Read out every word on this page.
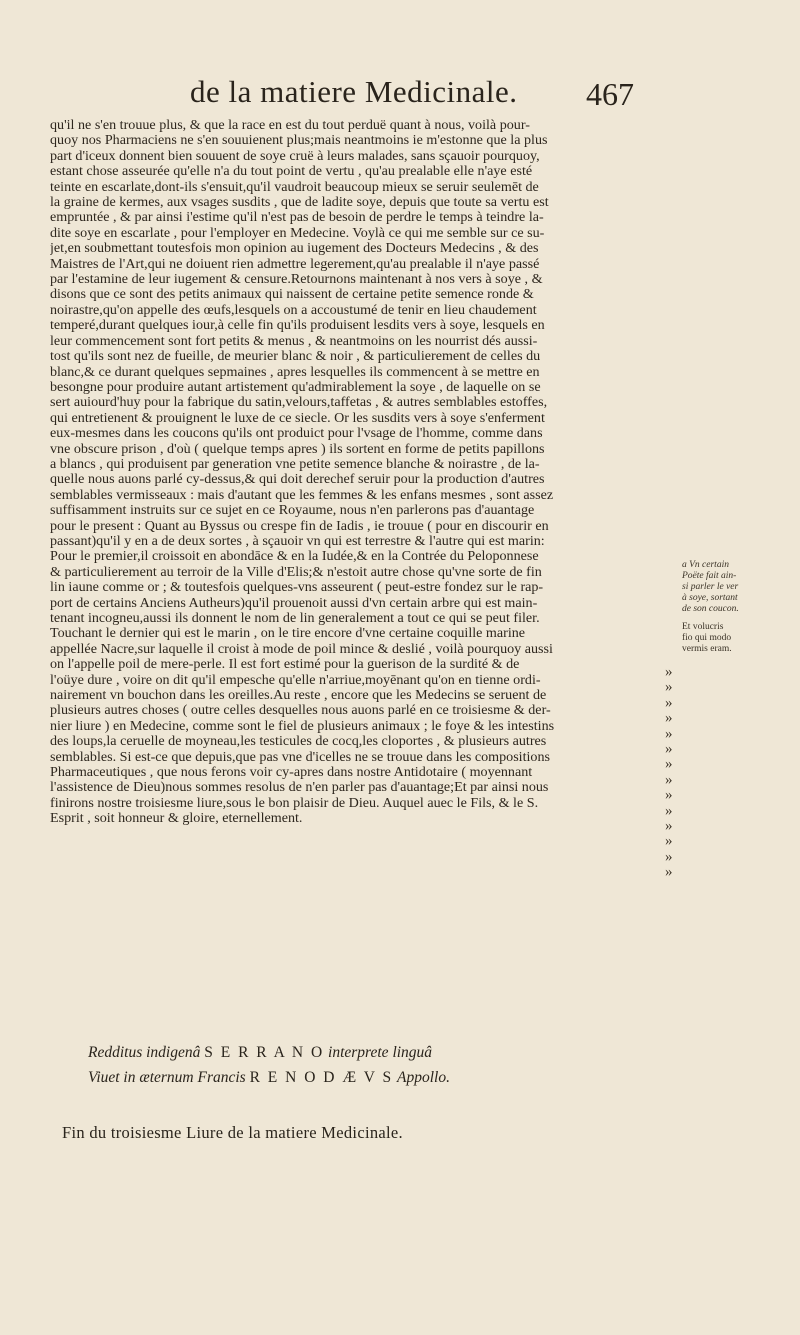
de la matiere Medicinale. 467
qu'il ne s'en trouue plus, & que la race en est du tout perduë quant à nous, voilà pour-
quoy nos Pharmaciens ne s'en souuienent plus;mais neantmoins ie m'estonne que la plus
part d'iceux donnent bien souuent de soye cruë à leurs malades, sans sçauoir pourquoy,
estant chose asseurée qu'elle n'a du tout point de vertu , qu'au prealable elle n'aye esté
teinte en escarlate,dont-ils s'ensuit,qu'il vaudroit beaucoup mieux se seruir seulemēt de
la graine de kermes, aux vsages susdits , que de ladite soye, depuis que toute sa vertu est
empruntée , & par ainsi i'estime qu'il n'est pas de besoin de perdre le temps à teindre la-
dite soye en escarlate , pour l'employer en Medecine. Voylà ce qui me semble sur ce su-
jet,en soubmettant toutesfois mon opinion au iugement des Docteurs Medecins , & des
Maistres de l'Art,qui ne doiuent rien admettre legerement,qu'au prealable il n'aye passé
par l'estamine de leur iugement & censure.Retournons maintenant à nos vers à soye , &
disons que ce sont des petits animaux qui naissent de certaine petite semence ronde &
noirastre,qu'on appelle des œufs,lesquels on a accoustumé de tenir en lieu chaudement
temperé,durant quelques iour,à celle fin qu'ils produisent lesdits vers à soye, lesquels en
leur commencement sont fort petits & menus , & neantmoins on les nourrist dés aussi-
tost qu'ils sont nez de fueille, de meurier blanc & noir , & particulierement de celles du
blanc,& ce durant quelques sepmaines , apres lesquelles ils commencent à se mettre en
besongne pour produire autant artistement qu'admirablement la soye , de laquelle on se
sert auiourd'huy pour la fabrique du satin,velours,taffetas , & autres semblables estoffes,
qui entretienent & prouignent le luxe de ce siecle. Or les susdits vers à soye s'enferment
eux-mesmes dans les coucons qu'ils ont produict pour l'vsage de l'homme, comme dans
vne obscure prison , d'où ( quelque temps apres ) ils sortent en forme de petits papillons
a blancs , qui produisent par generation vne petite semence blanche & noirastre , de la-
quelle nous auons parlé cy-dessus,& qui doit derechef seruir pour la production d'autres
semblables vermisseaux : mais d'autant que les femmes & les enfans mesmes , sont assez
suffisamment instruits sur ce sujet en ce Royaume, nous n'en parlerons pas d'auantage
pour le present : Quant au Byssus ou crespe fin de Iadis , ie trouue ( pour en discourir en
passant)qu'il y en a de deux sortes , à sçauoir vn qui est terrestre & l'autre qui est marin:
Pour le premier,il croissoit en abondāce & en la Iudée,& en la Contrée du Peloponnese
& particulierement au terroir de la Ville d'Elis;& n'estoit autre chose qu'vne sorte de fin
lin iaune comme or ; & toutesfois quelques-vns asseurent ( peut-estre fondez sur le rap-
port de certains Anciens Autheurs)qu'il prouenoit aussi d'vn certain arbre qui est main-
tenant incogneu,aussi ils donnent le nom de lin generalement a tout ce qui se peut filer.
Touchant le dernier qui est le marin , on le tire encore d'vne certaine coquille marine
appellée Nacre,sur laquelle il croist à mode de poil mince & deslié , voilà pourquoy aussi
on l'appelle poil de mere-perle. Il est fort estimé pour la guerison de la surdité & de
l'oüye dure , voire on dit qu'il empesche qu'elle n'arriue,moyēnant qu'on en tienne ordi-
nairement vn bouchon dans les oreilles.Au reste , encore que les Medecins se seruent de
plusieurs autres choses ( outre celles desquelles nous auons parlé en ce troisiesme & der-
nier liure ) en Medecine, comme sont le fiel de plusieurs animaux ; le foye & les intestins
des loups,la ceruelle de moyneau,les testicules de cocq,les cloportes , & plusieurs autres
semblables. Si est-ce que depuis,que pas vne d'icelles ne se trouue dans les compositions
Pharmaceutiques , que nous ferons voir cy-apres dans nostre Antidotaire ( moyennant
l'assistence de Dieu)nous sommes resolus de n'en parler pas d'auantage;Et par ainsi nous
finirons nostre troisiesme liure,sous le bon plaisir de Dieu. Auquel auec le Fils, & le S.
Esprit , soit honneur & gloire, eternellement.
»
»
»
»
»
»
»
»
»
»
»
»
»
»
a Vn certain
Poëte fait ain-
si parler le ver
à soye, sortant
de son coucon.
Et volucris
fio qui modo
vermis eram.
Redditus indigenâ S E R R A N O interprete linguâ
Viuet in æternum Francis R E N O D Æ V S Appollo.
Fin du troisiesme Liure de la matiere Medicinale.
